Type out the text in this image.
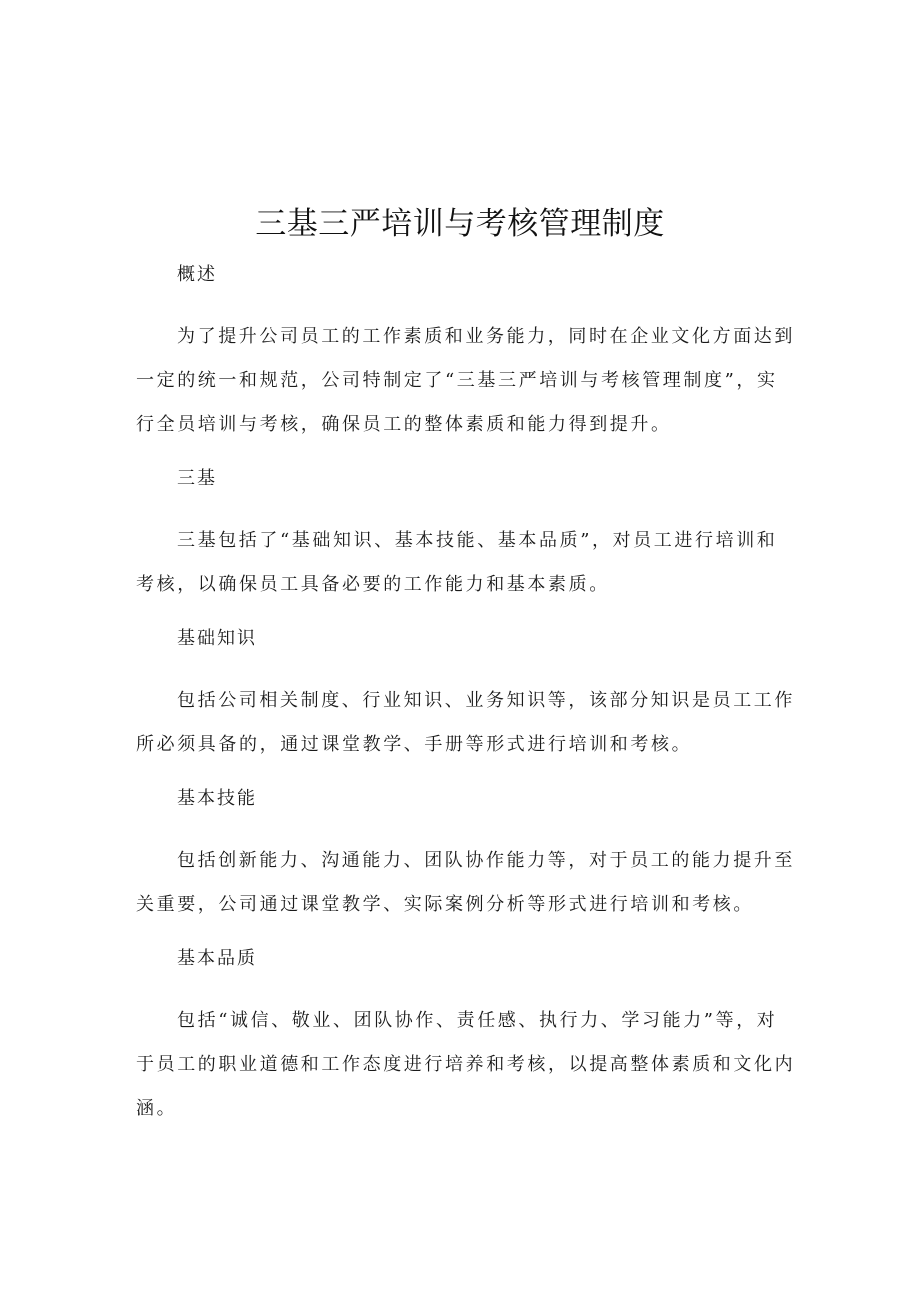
三基三严培训与考核管理制度

概述

为了提升公司员工的工作素质和业务能力，同时在企业文化方面达到一定的统一和规范，公司特制定了“三基三严培训与考核管理制度”，实行全员培训与考核，确保员工的整体素质和能力得到提升。

三基

三基包括了“基础知识、基本技能、基本品质”，对员工进行培训和考核，以确保员工具备必要的工作能力和基本素质。

基础知识

包括公司相关制度、行业知识、业务知识等，该部分知识是员工工作所必须具备的，通过课堂教学、手册等形式进行培训和考核。

基本技能

包括创新能力、沟通能力、团队协作能力等，对于员工的能力提升至关重要，公司通过课堂教学、实际案例分析等形式进行培训和考核。

基本品质

包括“诚信、敬业、团队协作、责任感、执行力、学习能力”等，对于员工的职业道德和工作态度进行培养和考核，以提高整体素质和文化内涵。
